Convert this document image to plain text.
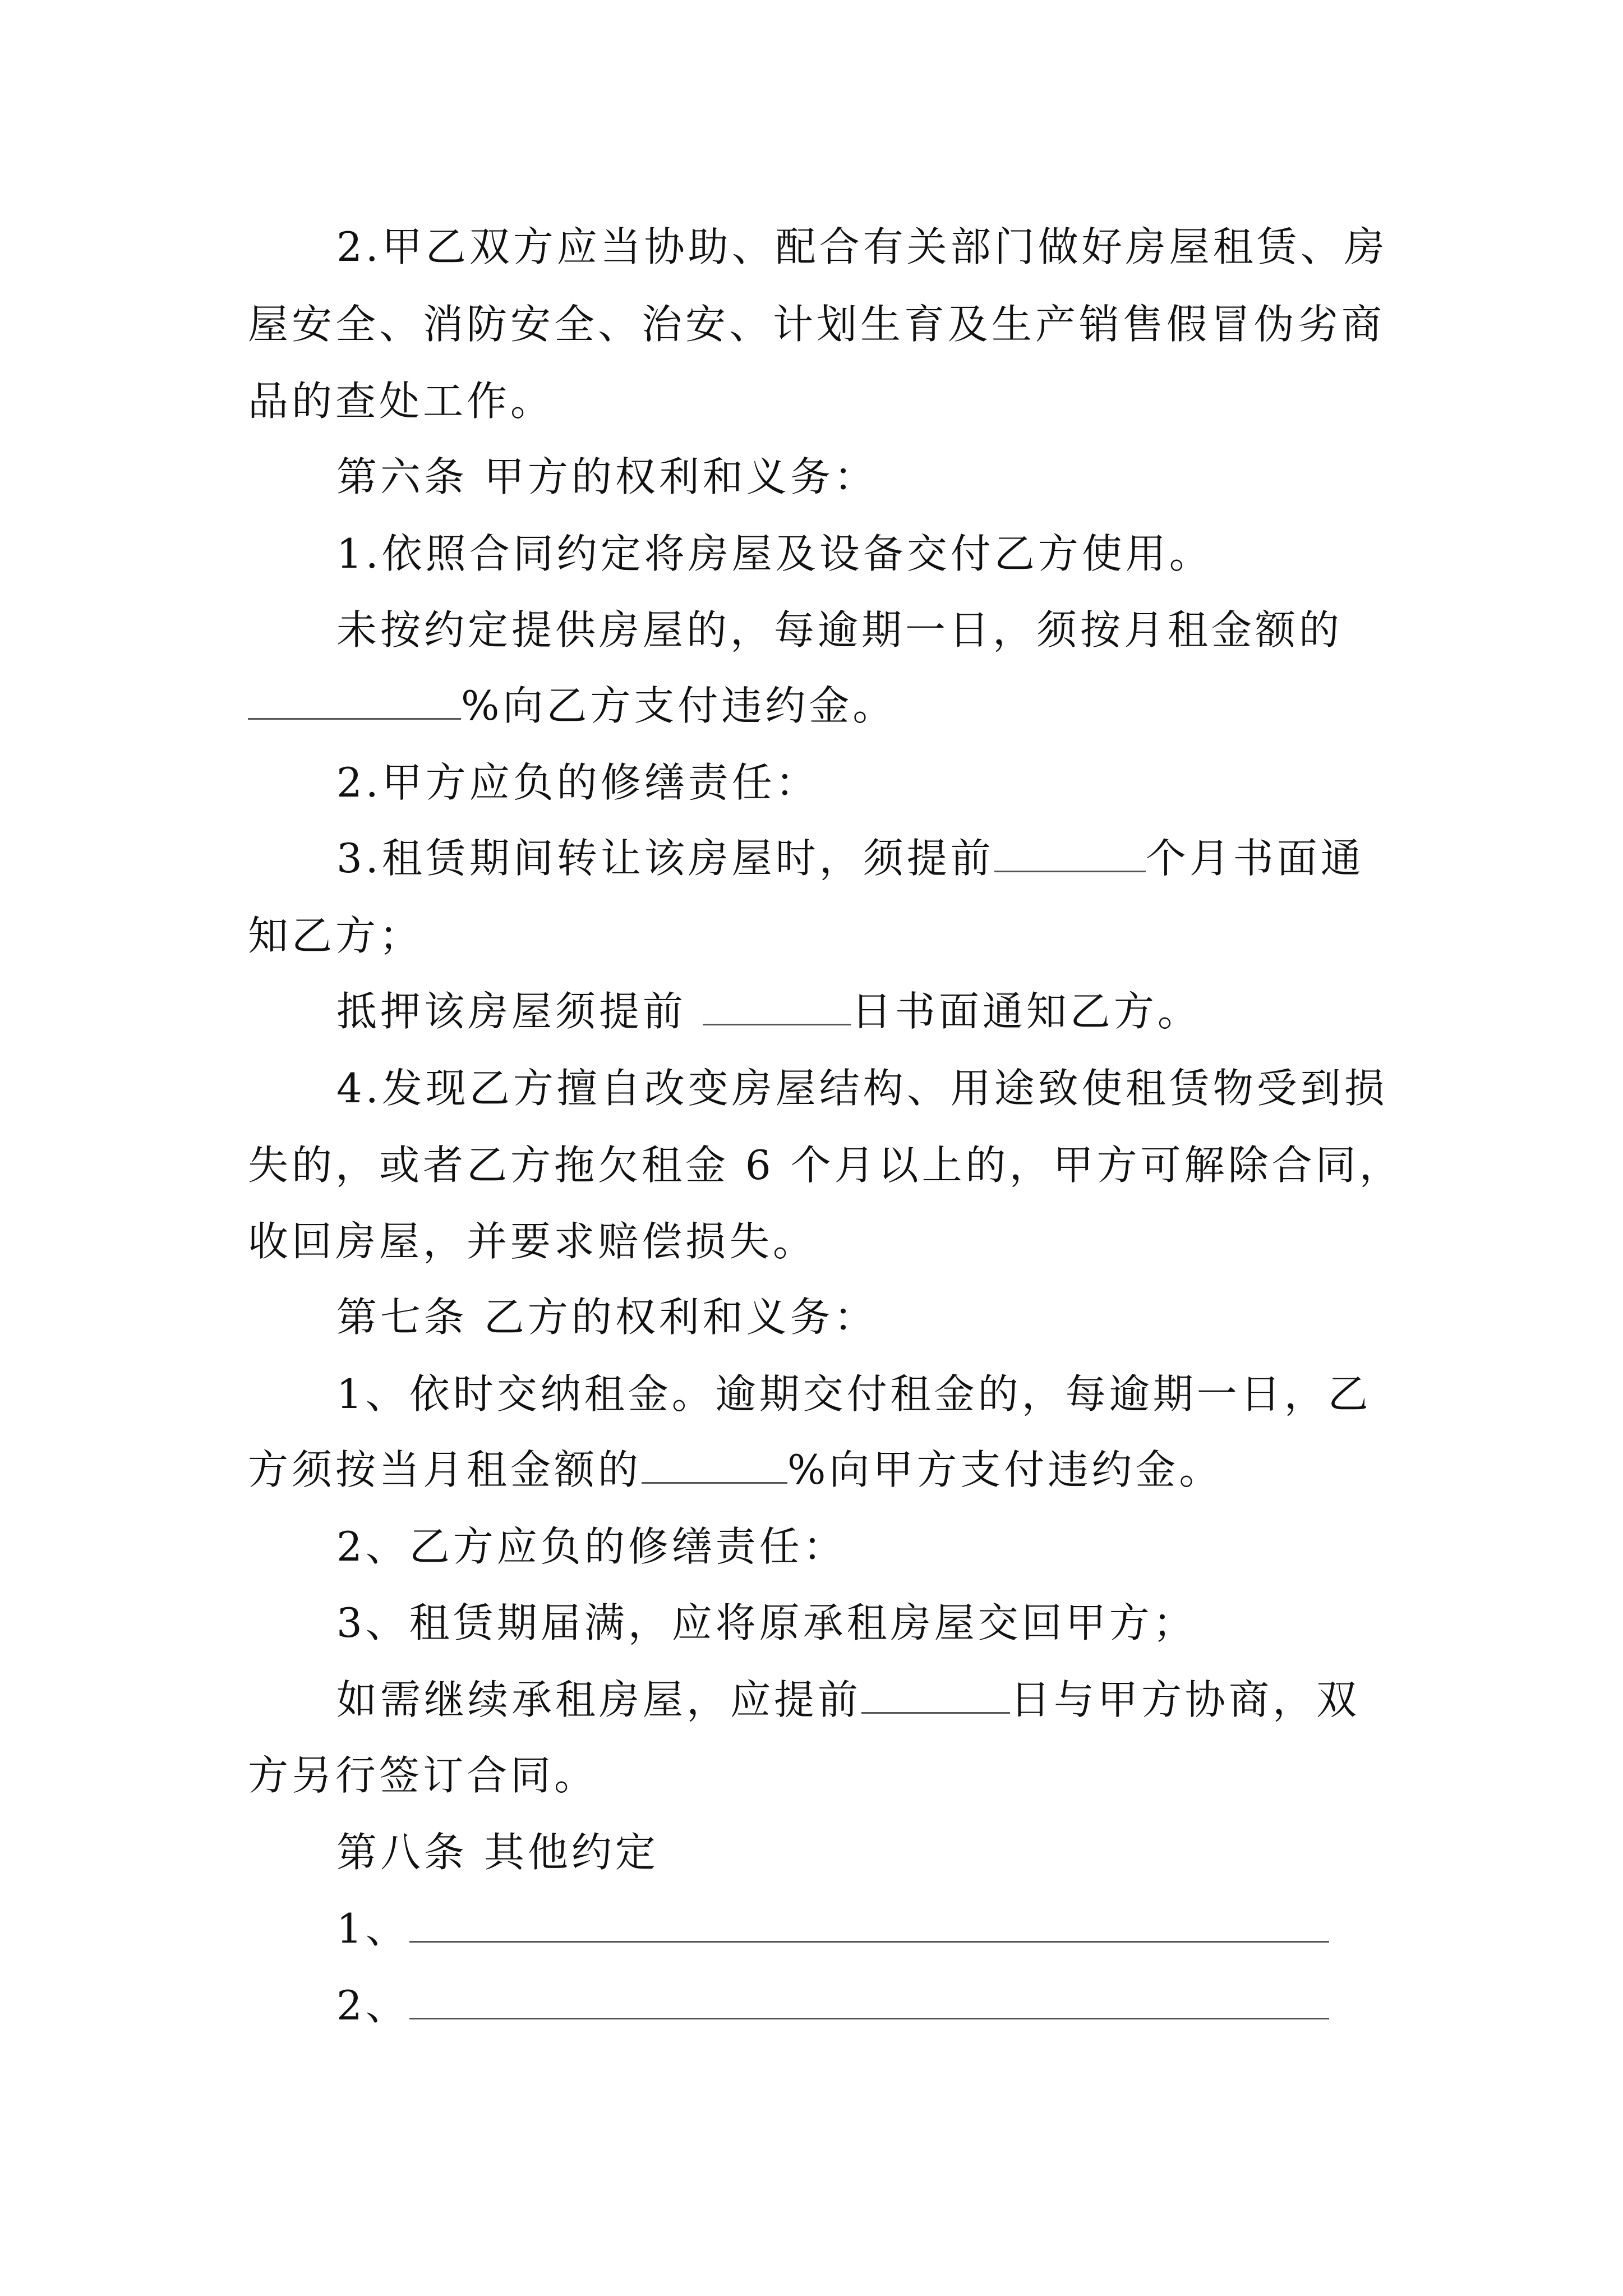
2.甲乙双方应当协助、配合有关部门做好房屋租赁、房
屋安全、消防安全、治安、计划生育及生产销售假冒伪劣商
品的查处工作。
第六条 甲方的权利和义务：
1.依照合同约定将房屋及设备交付乙方使用。
未按约定提供房屋的，每逾期一日，须按月租金额的
%向乙方支付违约金。
2.甲方应负的修缮责任：
3.租赁期间转让该房屋时，须提前	个月书面通
知乙方；
抵押该房屋须提前	日书面通知乙方。
4.发现乙方擅自改变房屋结构、用途致使租赁物受到损
失的，或者乙方拖欠租金 6 个月以上的，甲方可解除合同，
收回房屋，并要求赔偿损失。
第七条 乙方的权利和义务：
1、依时交纳租金。逾期交付租金的，每逾期一日，乙
方须按当月租金额的	%向甲方支付违约金。
2、乙方应负的修缮责任：
3、租赁期届满，应将原承租房屋交回甲方；
如需继续承租房屋，应提前	日与甲方协商，双
方另行签订合同。
第八条 其他约定
1、
2、
